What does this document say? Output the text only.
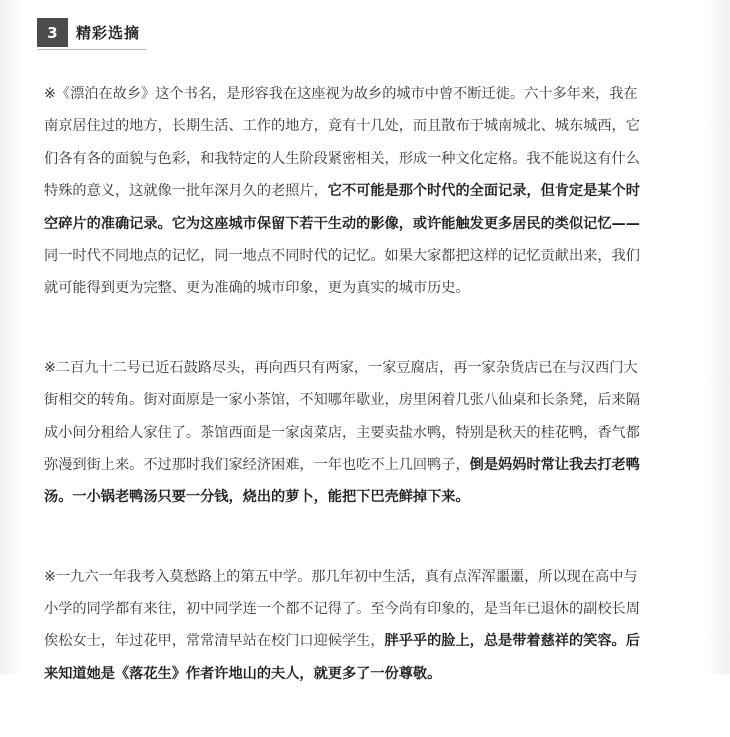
3	精彩选摘
※《漂泊在故乡》这个书名，是形容我在这座视为故乡的城市中曾不断迁徙。六十多年来，我在
南京居住过的地方，长期生活、工作的地方，竟有十几处，而且散布于城南城北、城东城西，它
们各有各的面貌与色彩，和我特定的人生阶段紧密相关，形成一种文化定格。我不能说这有什么
特殊的意义，这就像一批年深月久的老照片，它不可能是那个时代的全面记录，但肯定是某个时
空碎片的准确记录。它为这座城市保留下若干生动的影像，或许能触发更多居民的类似记忆——
同一时代不同地点的记忆，同一地点不同时代的记忆。如果大家都把这样的记忆贡献出来，我们
就可能得到更为完整、更为准确的城市印象，更为真实的城市历史。
※二百九十二号已近石鼓路尽头，再向西只有两家，一家豆腐店，再一家杂货店已在与汉西门大
街相交的转角。街对面原是一家小茶馆，不知哪年歇业，房里闲着几张八仙桌和长条凳，后来隔
成小间分租给人家住了。茶馆西面是一家卤菜店，主要卖盐水鸭，特别是秋天的桂花鸭，香气都
弥漫到街上来。不过那时我们家经济困难，一年也吃不上几回鸭子，倒是妈妈时常让我去打老鸭
汤。一小锅老鸭汤只要一分钱，烧出的萝卜，能把下巴壳鲜掉下来。
※一九六一年我考入莫愁路上的第五中学。那几年初中生活，真有点浑浑噩噩，所以现在高中与
小学的同学都有来往，初中同学连一个都不记得了。至今尚有印象的，是当年已退休的副校长周
俟松女士，年过花甲，常常清早站在校门口迎候学生，胖乎乎的脸上，总是带着慈祥的笑容。后
来知道她是《落花生》作者许地山的夫人，就更多了一份尊敬。
